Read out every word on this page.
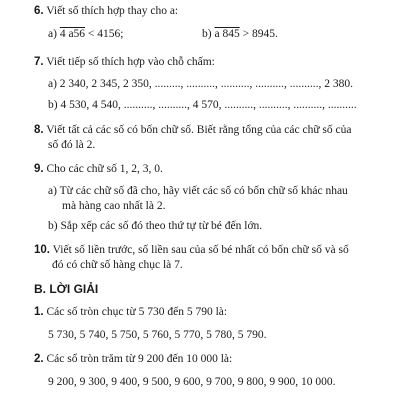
6. Viết số thích hợp thay cho a:
a) 4 a56 < 4156;	b) a 845 > 8945.
7. Viết tiếp số thích hợp vào chỗ chấm:
a) 2 340, 2 345, 2 350, ........., .........., .........., .........., .........., 2 380.
b) 4 530, 4 540, .........., .........., 4 570, .........., .........., .........., ..........
8. Viết tất cả các số có bốn chữ số. Biết rằng tổng của các chữ số của
số đó là 2.
9. Cho các chữ số 1, 2, 3, 0.
a) Từ các chữ số đã cho, hãy viết các số có bốn chữ số khác nhau
mà hàng cao nhất là 2.
b) Sắp xếp các số đó theo thứ tự từ bé đến lớn.
10. Viết số liền trước, số liền sau của số bé nhất có bốn chữ số và số
đó có chữ số hàng chục là 7.
B. LỜI GIẢI
1. Các số tròn chục từ 5 730 đến 5 790 là:
5 730, 5 740, 5 750, 5 760, 5 770, 5 780, 5 790.
2. Các số tròn trăm từ 9 200 đến 10 000 là:
9 200, 9 300, 9 400, 9 500, 9 600, 9 700, 9 800, 9 900, 10 000.
